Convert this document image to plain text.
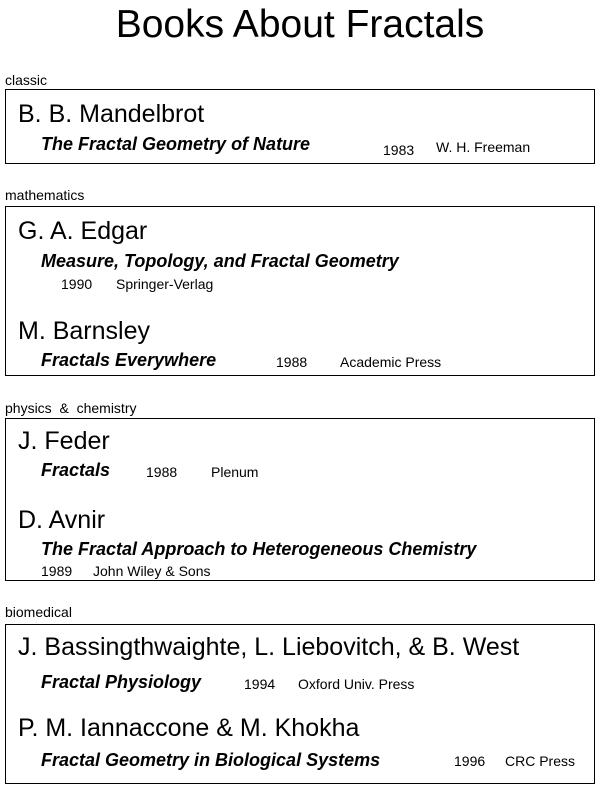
Books About Fractals
classic
B. B. Mandelbrot
The Fractal Geometry of Nature	1983 W. H. Freeman
mathematics
G. A. Edgar
Measure, Topology, and Fractal Geometry
1990 Springer-Verlag
M. Barnsley
Fractals Everywhere	1988 Academic Press
physics  &  chemistry
J. Feder
Fractals	1988 Plenum
D. Avnir
The Fractal Approach to Heterogeneous Chemistry
1989 John Wiley & Sons
biomedical
J. Bassingthwaighte, L. Liebovitch, & B. West
Fractal Physiology	1994 Oxford Univ. Press
P. M. Iannaccone & M. Khokha
Fractal Geometry in Biological Systems	1996 CRC Press
